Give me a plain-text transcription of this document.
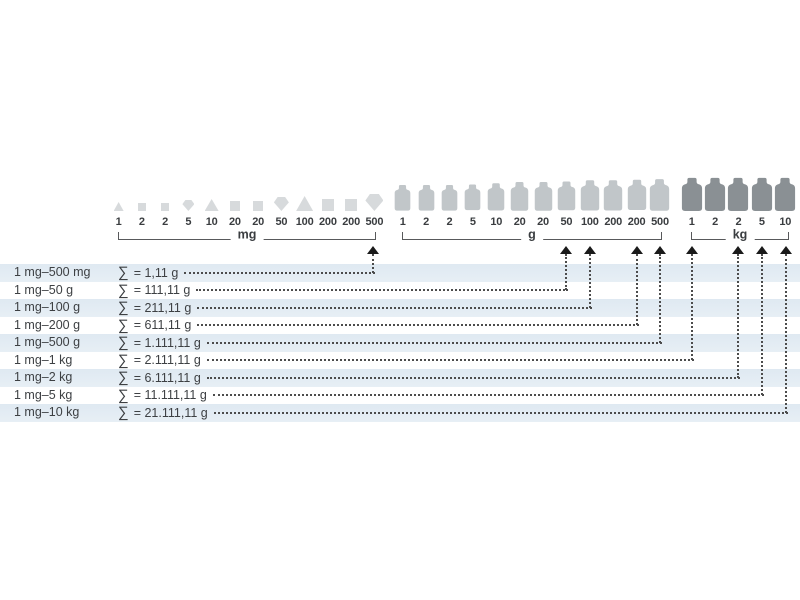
1 mg–500 mg ∑ = 1,11 g
1 mg–50 g	∑ = 111,11 g
1 mg–100 g	∑ = 211,11 g
1 mg–200 g	∑ = 611,11 g
1 mg–500 g	∑ = 1.111,11 g
1 mg–1 kg	∑ = 2.111,11 g
1 mg–2 kg	∑ = 6.111,11 g
1 mg–5 kg	∑ = 11.111,11 g
1 mg–10 kg	∑ = 21.111,11 g
1 2 2 5 10 20 20 50 100 200 200 500 1 2 2 5 10 20 20 50 100 200 200 500 1 2 2 5 10
mg	g	kg
